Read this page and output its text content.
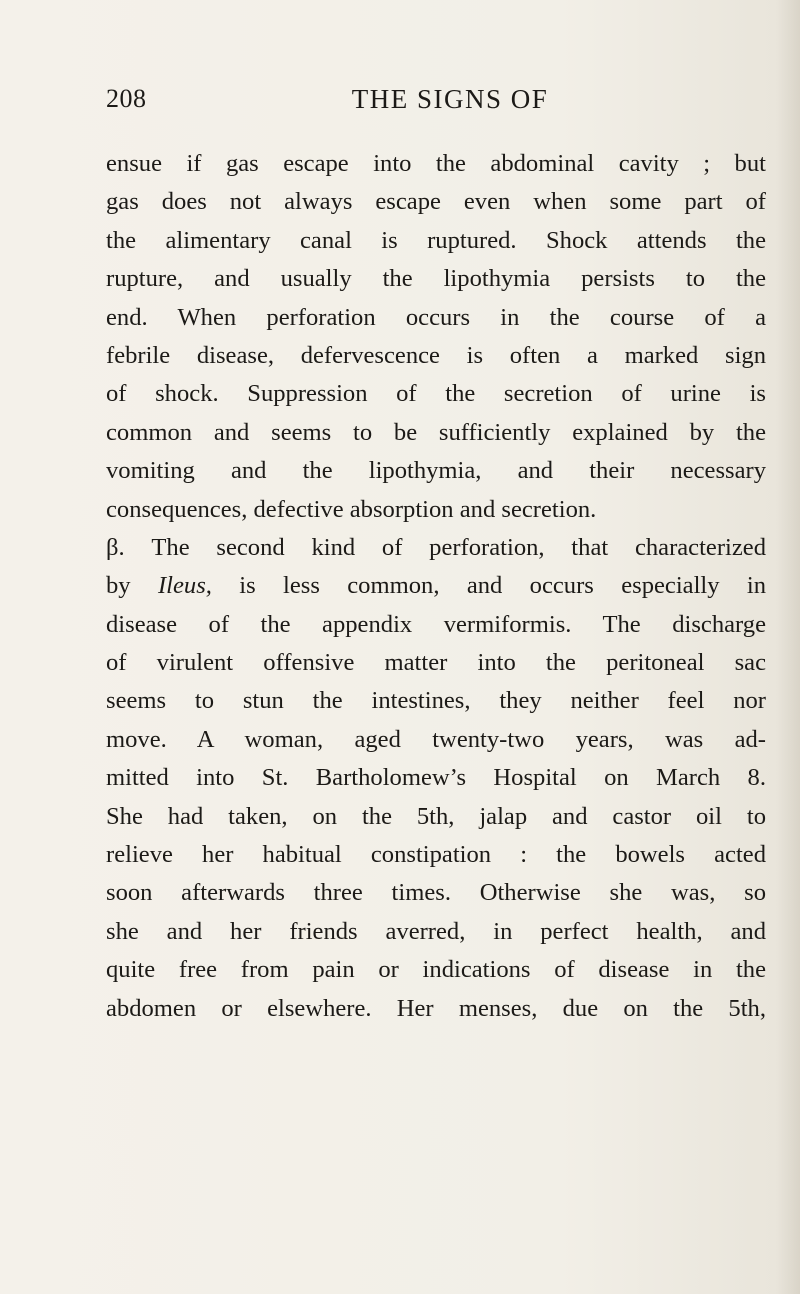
208	THE SIGNS OF
ensue if gas escape into the abdominal cavity ; but
gas does not always escape even when some part of
the alimentary canal is ruptured. Shock attends the
rupture, and usually the lipothymia persists to the
end. When perforation occurs in the course of a
febrile disease, defervescence is often a marked sign
of shock. Suppression of the secretion of urine is
common and seems to be sufficiently explained by the
vomiting and the lipothymia, and their necessary
consequences, defective absorption and secretion.
β. The second kind of perforation, that characterized
by Ileus, is less common, and occurs especially in
disease of the appendix vermiformis. The discharge
of virulent offensive matter into the peritoneal sac
seems to stun the intestines, they neither feel nor
move. A woman, aged twenty-two years, was ad-
mitted into St. Bartholomew’s Hospital on March 8.
She had taken, on the 5th, jalap and castor oil to
relieve her habitual constipation : the bowels acted
soon afterwards three times. Otherwise she was, so
she and her friends averred, in perfect health, and
quite free from pain or indications of disease in the
abdomen or elsewhere. Her menses, due on the 5th,
